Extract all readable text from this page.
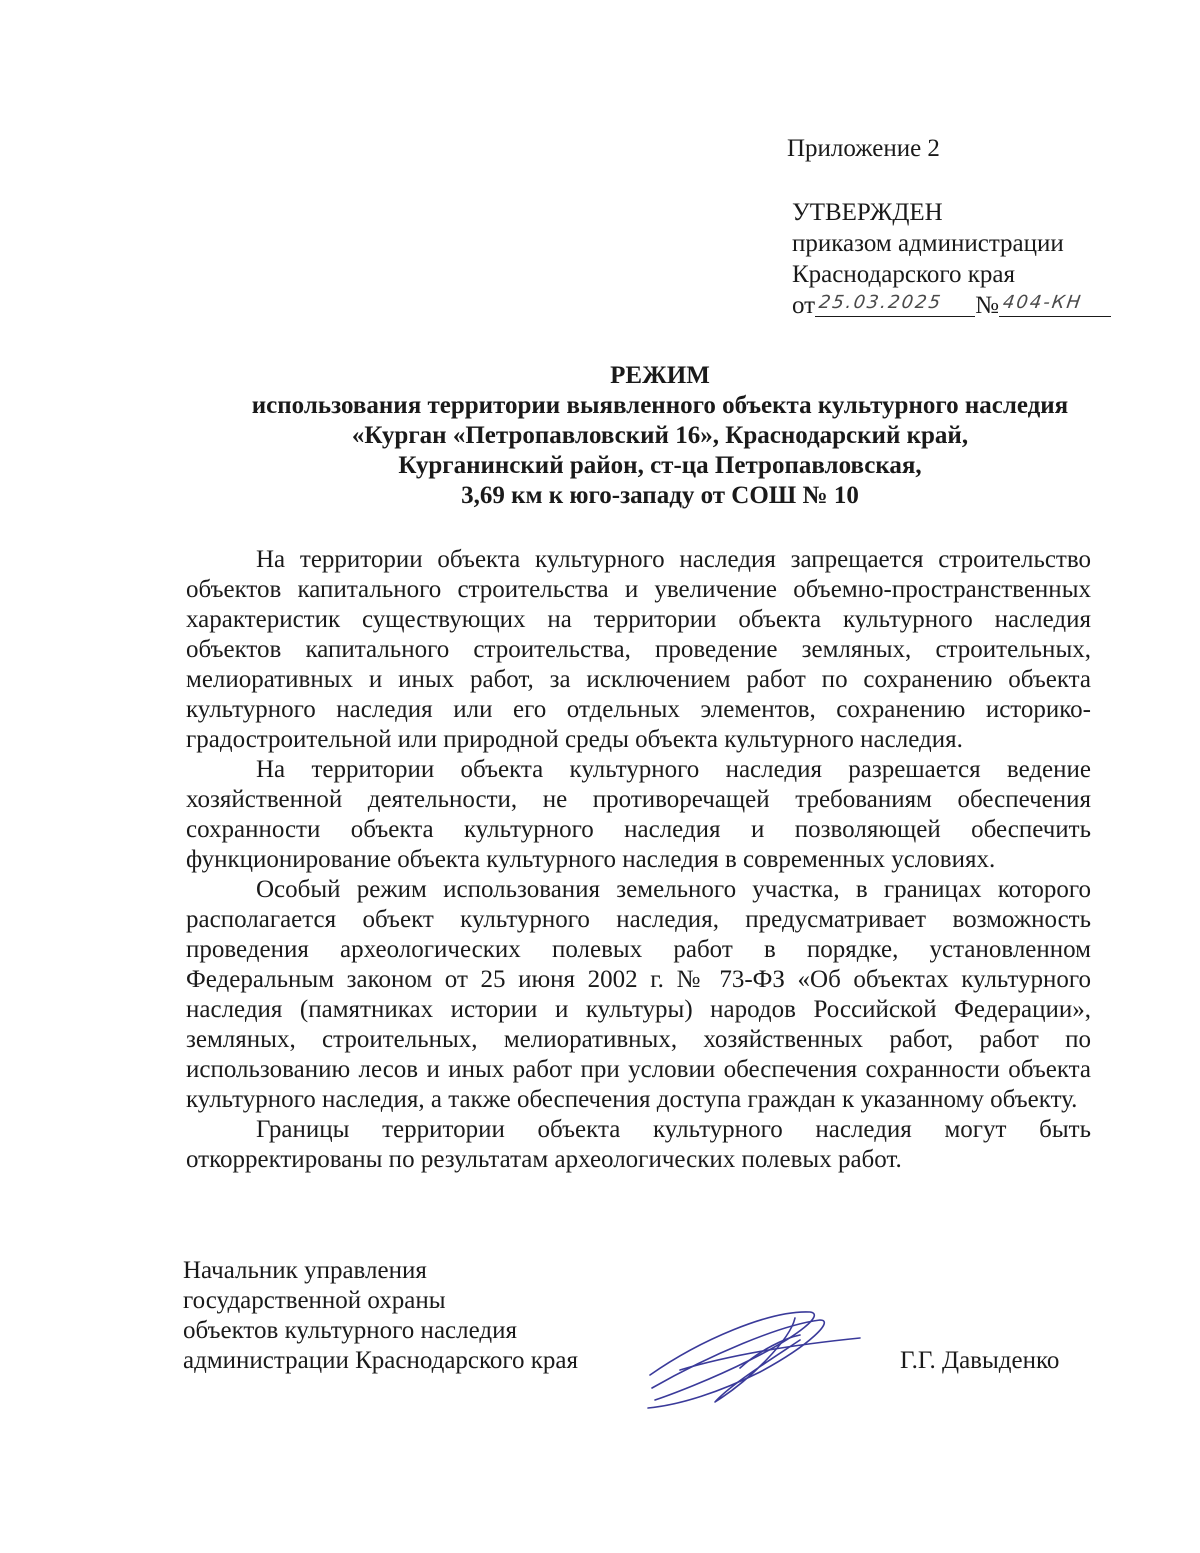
Приложение 2
УТВЕРЖДЕН
приказом администрации
Краснодарского края
от 25.03.2025 № 404-КН
РЕЖИМ
использования территории выявленного объекта культурного наследия
«Курган «Петропавловский 16», Краснодарский край,
Курганинский район, ст-ца Петропавловская,
3,69 км к юго-западу от СОШ № 10

На территории объекта культурного наследия запрещается строительство объектов капитального строительства и увеличение объемно-пространственных характеристик существующих на территории объекта культурного наследия объектов капитального строительства, проведение земляных, строительных, мелиоративных и иных работ, за исключением работ по сохранению объекта культурного наследия или его отдельных элементов, сохранению историко-градостроительной или природной среды объекта культурного наследия.

На территории объекта культурного наследия разрешается ведение хозяйственной деятельности, не противоречащей требованиям обеспечения сохранности объекта культурного наследия и позволяющей обеспечить функционирование объекта культурного наследия в современных условиях.

Особый режим использования земельного участка, в границах которого располагается объект культурного наследия, предусматривает возможность проведения археологических полевых работ в порядке, установленном Федеральным законом от 25 июня 2002 г. № 73-ФЗ «Об объектах культурного наследия (памятниках истории и культуры) народов Российской Федерации», земляных, строительных, мелиоративных, хозяйственных работ, работ по использованию лесов и иных работ при условии обеспечения сохранности объекта культурного наследия, а также обеспечения доступа граждан к указанному объекту.

Границы территории объекта культурного наследия могут быть откорректированы по результатам археологических полевых работ.

Начальник управления
государственной охраны
объектов культурного наследия
администрации Краснодарского края	Г.Г. Давыденко
